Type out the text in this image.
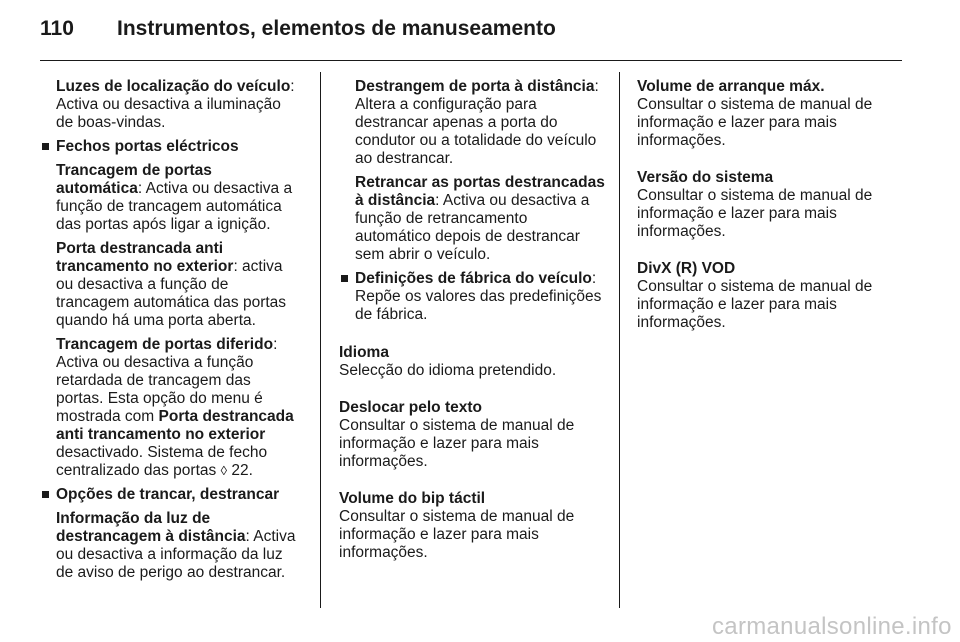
110 Instrumentos, elementos de manuseamento

Luzes de localização do veículo: Activa ou desactiva a iluminação de boas-vindas.

Fechos portas eléctricos

Trancagem de portas automática: Activa ou desactiva a função de trancagem automática das portas após ligar a ignição.

Porta destrancada anti trancamento no exterior: activa ou desactiva a função de trancagem automática das portas quando há uma porta aberta.

Trancagem de portas diferido: Activa ou desactiva a função retardada de trancagem das portas. Esta opção do menu é mostrada com Porta destrancada anti trancamento no exterior desactivado. Sistema de fecho centralizado das portas ◊ 22.

Opções de trancar, destrancar

Informação da luz de destrancagem à distância: Activa ou desactiva a informação da luz de aviso de perigo ao destrancar.

Destrangem de porta à distância: Altera a configuração para destrancar apenas a porta do condutor ou a totalidade do veículo ao destrancar.

Retrancar as portas destrancadas à distância: Activa ou desactiva a função de retrancamento automático depois de destrancar sem abrir o veículo.

Definições de fábrica do veículo: Repõe os valores das predefinições de fábrica.
Idioma
Selecção do idioma pretendido.
Deslocar pelo texto
Consultar o sistema de manual de informação e lazer para mais informações.
Volume do bip táctil
Consultar o sistema de manual de informação e lazer para mais informações.
Volume de arranque máx.
Consultar o sistema de manual de informação e lazer para mais informações.
Versão do sistema
Consultar o sistema de manual de informação e lazer para mais informações.
DivX (R) VOD
Consultar o sistema de manual de informação e lazer para mais informações.
carmanualsonline.info
